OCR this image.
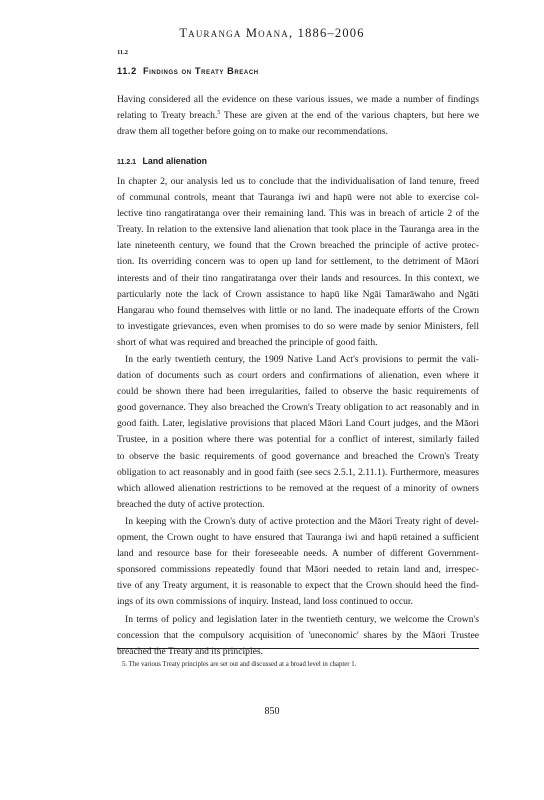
Tauranga Moana, 1886–2006
11.2
11.2 Findings on Treaty Breach
Having considered all the evidence on these various issues, we made a number of findings
relating to Treaty breach.$^5$ These are given at the end of the various chapters, but here we
draw them all together before going on to make our recommendations.
11.2.1 Land alienation
In chapter 2, our analysis led us to conclude that the individualisation of land tenure, freed
of communal controls, meant that Tauranga iwi and hapū were not able to exercise col-
lective tino rangatiratanga over their remaining land. This was in breach of article 2 of the
Treaty. In relation to the extensive land alienation that took place in the Tauranga area in the
late nineteenth century, we found that the Crown breached the principle of active protec-
tion. Its overriding concern was to open up land for settlement, to the detriment of Māori
interests and of their tino rangatiratanga over their lands and resources. In this context, we
particularly note the lack of Crown assistance to hapū like Ngāi Tamarāwaho and Ngāti
Hangarau who found themselves with little or no land. The inadequate efforts of the Crown
to investigate grievances, even when promises to do so were made by senior Ministers, fell
short of what was required and breached the principle of good faith.
In the early twentieth century, the 1909 Native Land Act's provisions to permit the vali-
dation of documents such as court orders and confirmations of alienation, even where it
could be shown there had been irregularities, failed to observe the basic requirements of
good governance. They also breached the Crown's Treaty obligation to act reasonably and in
good faith. Later, legislative provisions that placed Māori Land Court judges, and the Māori
Trustee, in a position where there was potential for a conflict of interest, similarly failed
to observe the basic requirements of good governance and breached the Crown's Treaty
obligation to act reasonably and in good faith (see secs 2.5.1, 2.11.1). Furthermore, measures
which allowed alienation restrictions to be removed at the request of a minority of owners
breached the duty of active protection.
In keeping with the Crown's duty of active protection and the Māori Treaty right of devel-
opment, the Crown ought to have ensured that Tauranga iwi and hapū retained a sufficient
land and resource base for their foreseeable needs. A number of different Government-
sponsored commissions repeatedly found that Māori needed to retain land and, irrespec-
tive of any Treaty argument, it is reasonable to expect that the Crown should heed the find-
ings of its own commissions of inquiry. Instead, land loss continued to occur.
In terms of policy and legislation later in the twentieth century, we welcome the Crown's
concession that the compulsory acquisition of 'uneconomic' shares by the Māori Trustee
breached the Treaty and its principles.
5. The various Treaty principles are set out and discussed at a broad level in chapter 1.
850
